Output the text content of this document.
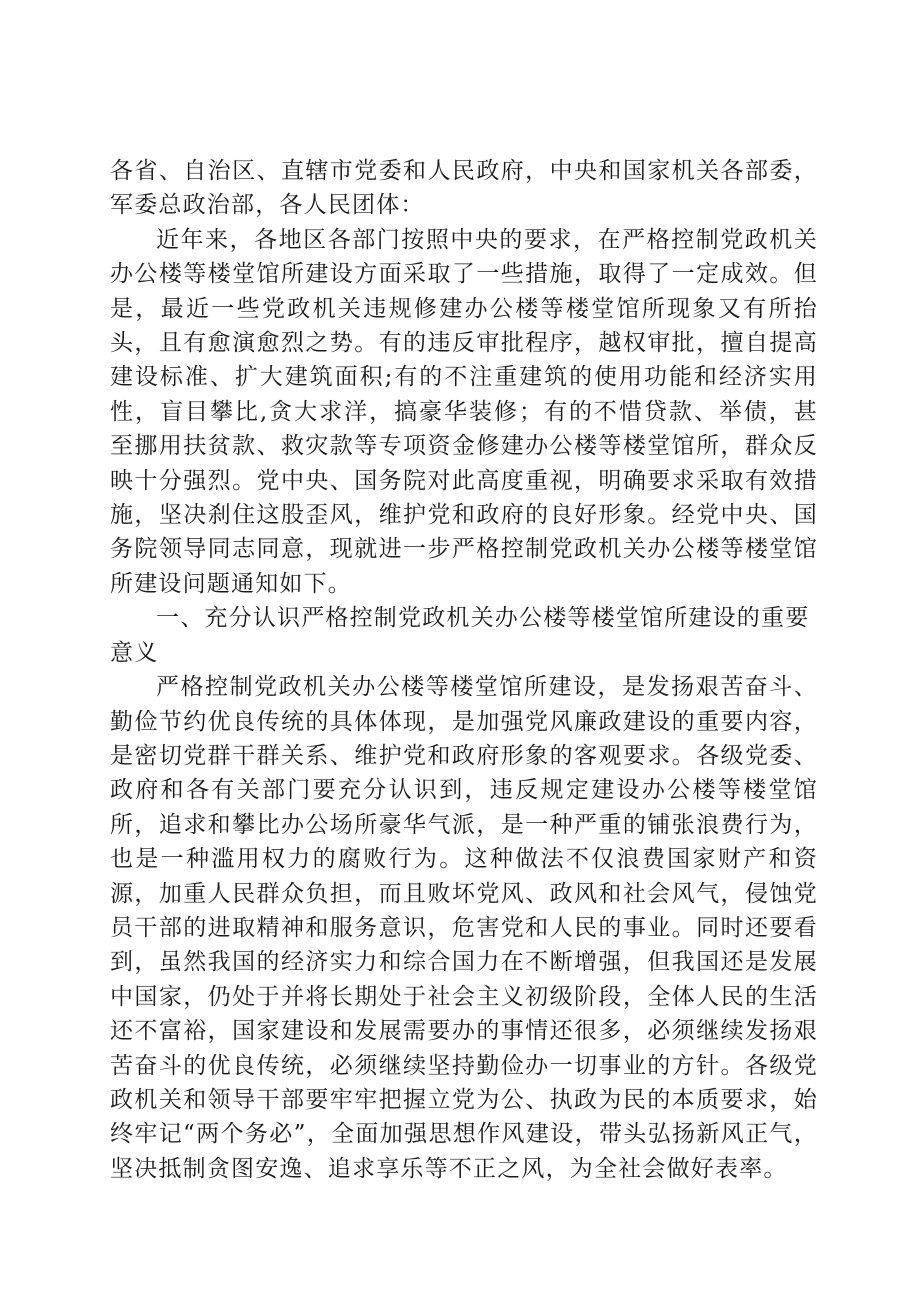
各省、自治区、直辖市党委和人民政府，中央和国家机关各部委，军委总政治部，各人民团体：

近年来，各地区各部门按照中央的要求，在严格控制党政机关办公楼等楼堂馆所建设方面采取了一些措施，取得了一定成效。但是，最近一些党政机关违规修建办公楼等楼堂馆所现象又有所抬头，且有愈演愈烈之势。有的违反审批程序，越权审批，擅自提高建设标准、扩大建筑面积;有的不注重建筑的使用功能和经济实用性，盲目攀比,贪大求洋，搞豪华装修；有的不惜贷款、举债，甚至挪用扶贫款、救灾款等专项资金修建办公楼等楼堂馆所，群众反映十分强烈。党中央、国务院对此高度重视，明确要求采取有效措施，坚决刹住这股歪风，维护党和政府的良好形象。经党中央、国务院领导同志同意，现就进一步严格控制党政机关办公楼等楼堂馆所建设问题通知如下。

一、充分认识严格控制党政机关办公楼等楼堂馆所建设的重要意义

严格控制党政机关办公楼等楼堂馆所建设，是发扬艰苦奋斗、勤俭节约优良传统的具体体现，是加强党风廉政建设的重要内容，是密切党群干群关系、维护党和政府形象的客观要求。各级党委、政府和各有关部门要充分认识到，违反规定建设办公楼等楼堂馆所，追求和攀比办公场所豪华气派，是一种严重的铺张浪费行为，也是一种滥用权力的腐败行为。这种做法不仅浪费国家财产和资源，加重人民群众负担，而且败坏党风、政风和社会风气，侵蚀党员干部的进取精神和服务意识，危害党和人民的事业。同时还要看到，虽然我国的经济实力和综合国力在不断增强，但我国还是发展中国家，仍处于并将长期处于社会主义初级阶段，全体人民的生活还不富裕，国家建设和发展需要办的事情还很多，必须继续发扬艰苦奋斗的优良传统，必须继续坚持勤俭办一切事业的方针。各级党政机关和领导干部要牢牢把握立党为公、执政为民的本质要求，始终牢记“两个务必”，全面加强思想作风建设，带头弘扬新风正气，坚决抵制贪图安逸、追求享乐等不正之风，为全社会做好表率。
